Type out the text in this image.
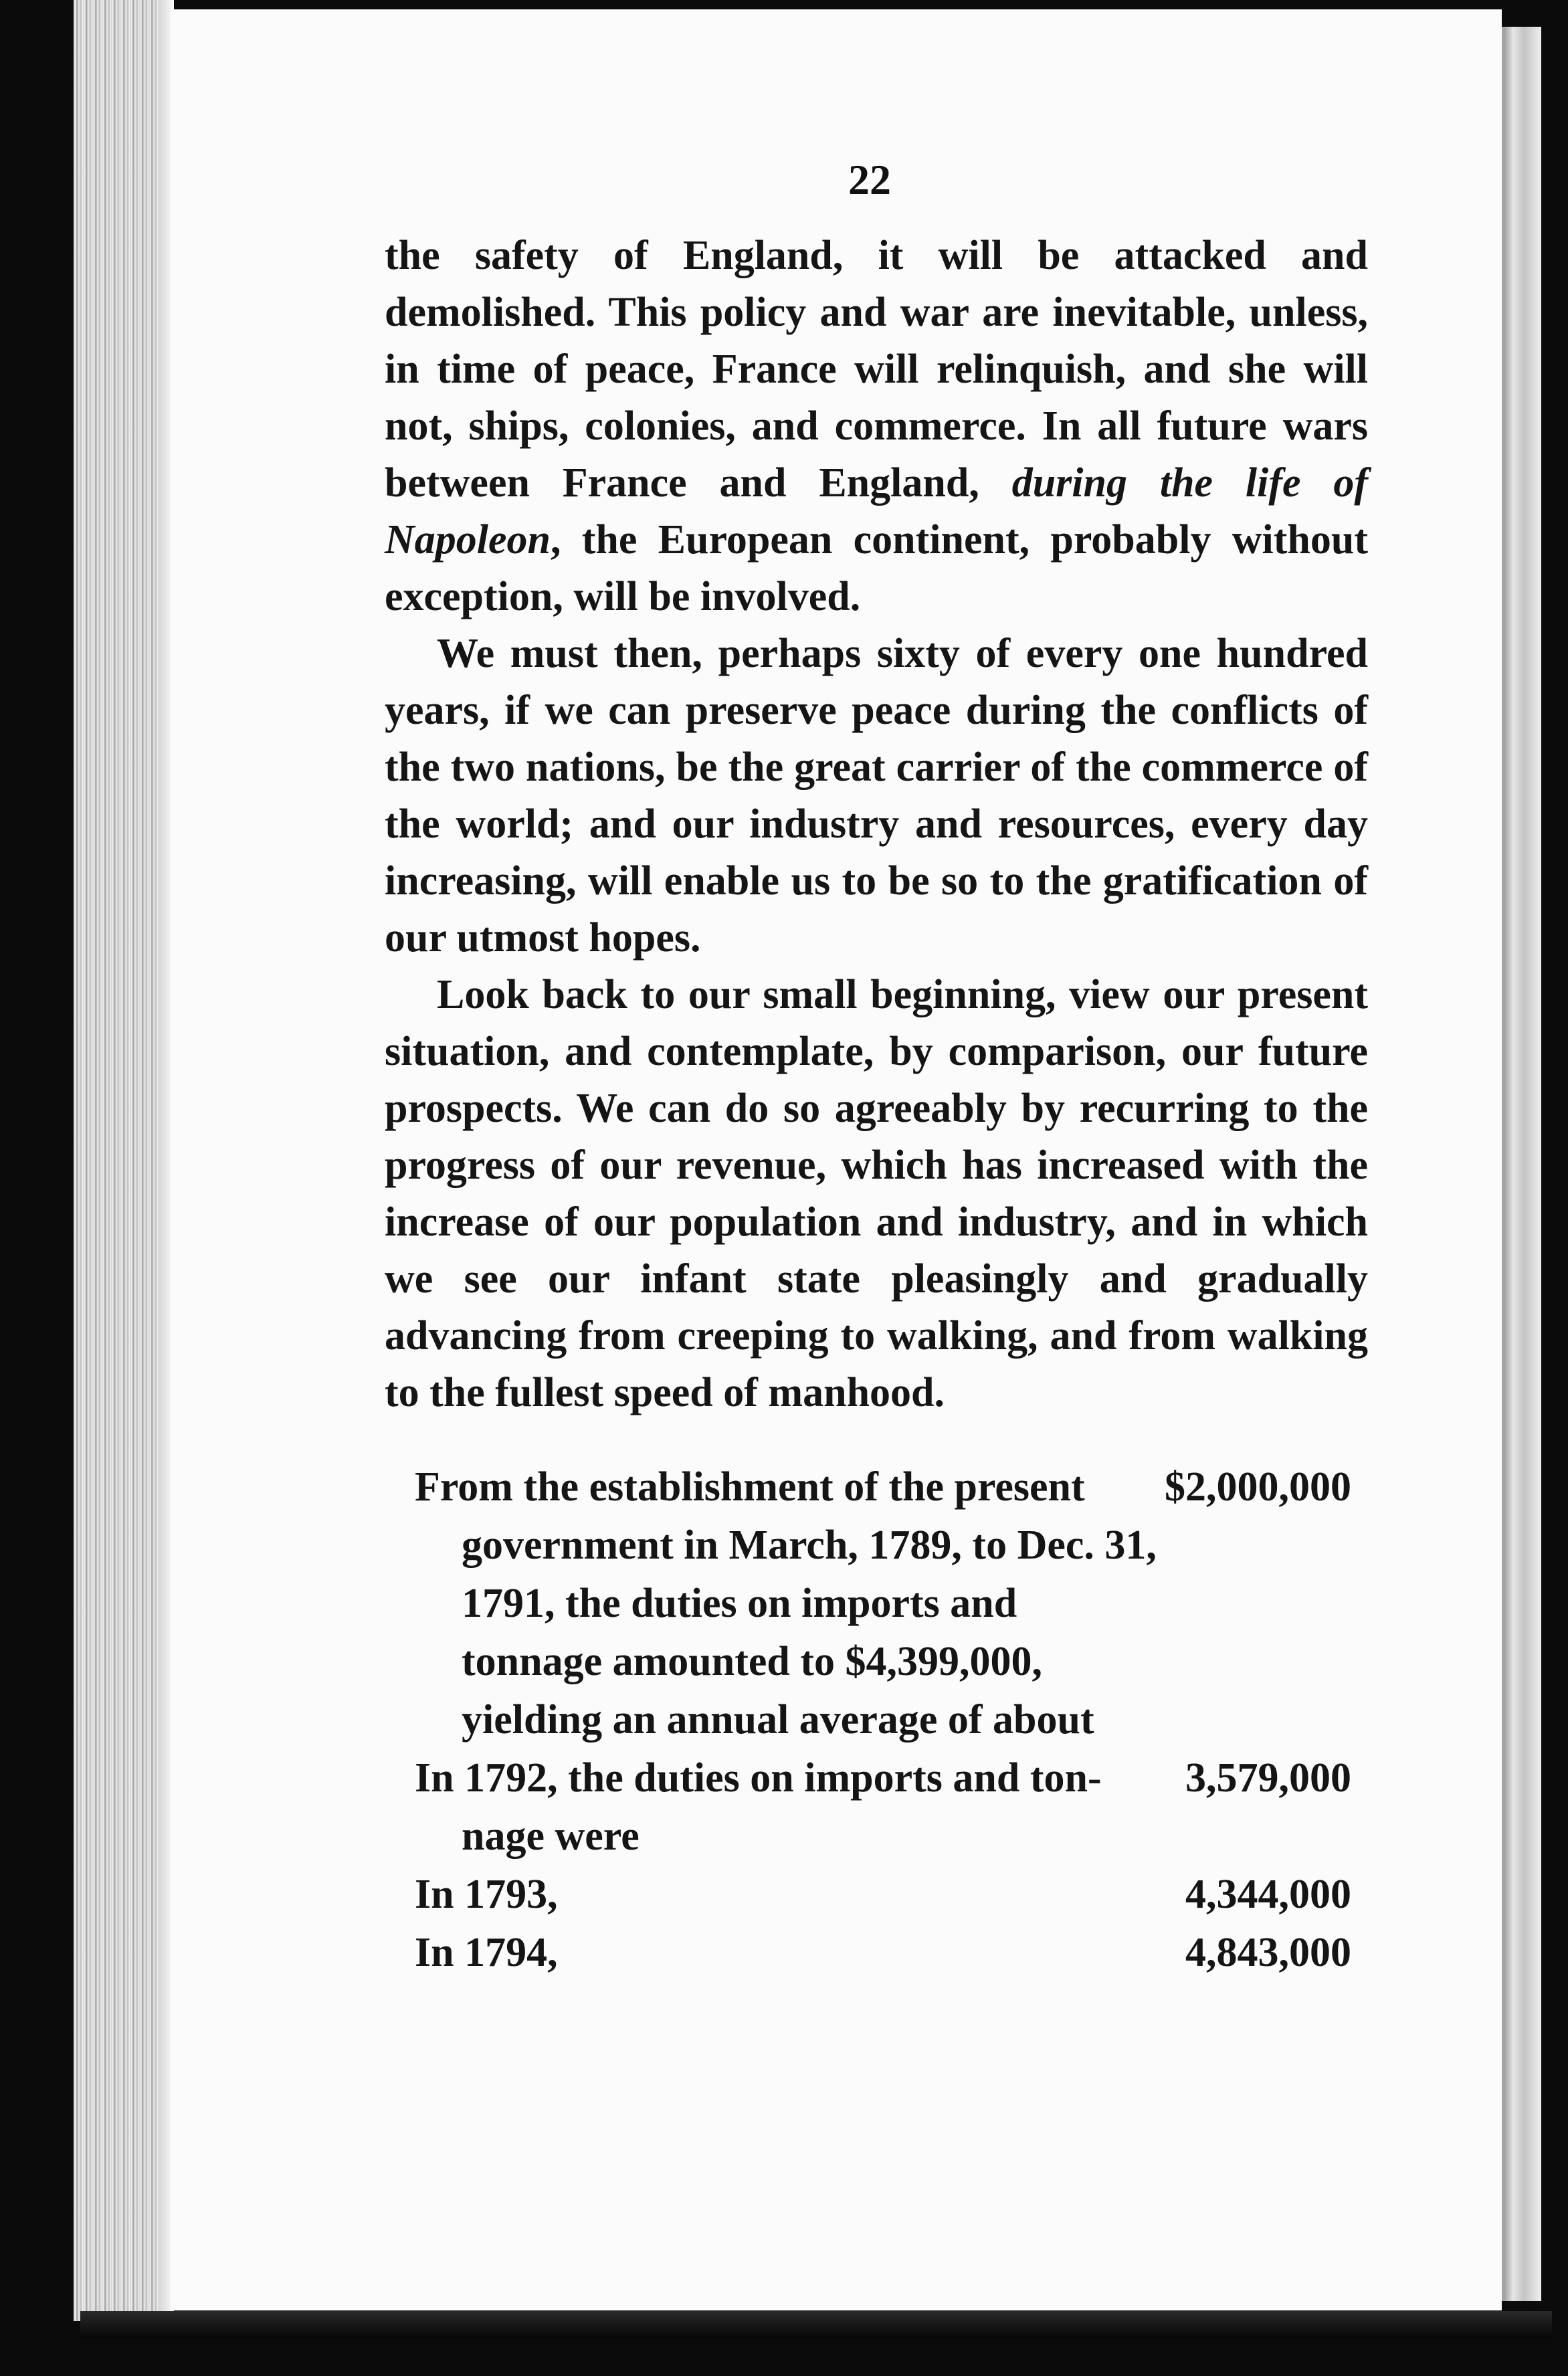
22

the safety of England, it will be attacked and demolished. This policy and war are inevitable, unless, in time of peace, France will relinquish, and she will not, ships, colonies, and commerce. In all future wars between France and England, during the life of Napoleon, the European continent, probably without exception, will be involved.

We must then, perhaps sixty of every one hundred years, if we can preserve peace during the conflicts of the two nations, be the great carrier of the commerce of the world; and our industry and resources, every day increasing, will enable us to be so to the gratification of our utmost hopes.

Look back to our small beginning, view our present situation, and contemplate, by comparison, our future prospects. We can do so agreeably by recurring to the progress of our revenue, which has increased with the increase of our population and industry, and in which we see our infant state pleasingly and gradually advancing from creeping to walking, and from walking to the fullest speed of manhood.

From the establishment of the present
government in March, 1789, to Dec. 31, 1791, the duties on imports and tonnage amounted to $4,399,000, yielding an annual average of about
$2,000,000
In 1792, the duties on imports and ton-
nage were
3,579,000
In 1793,	4,344,000
In 1794,	4,843,000
